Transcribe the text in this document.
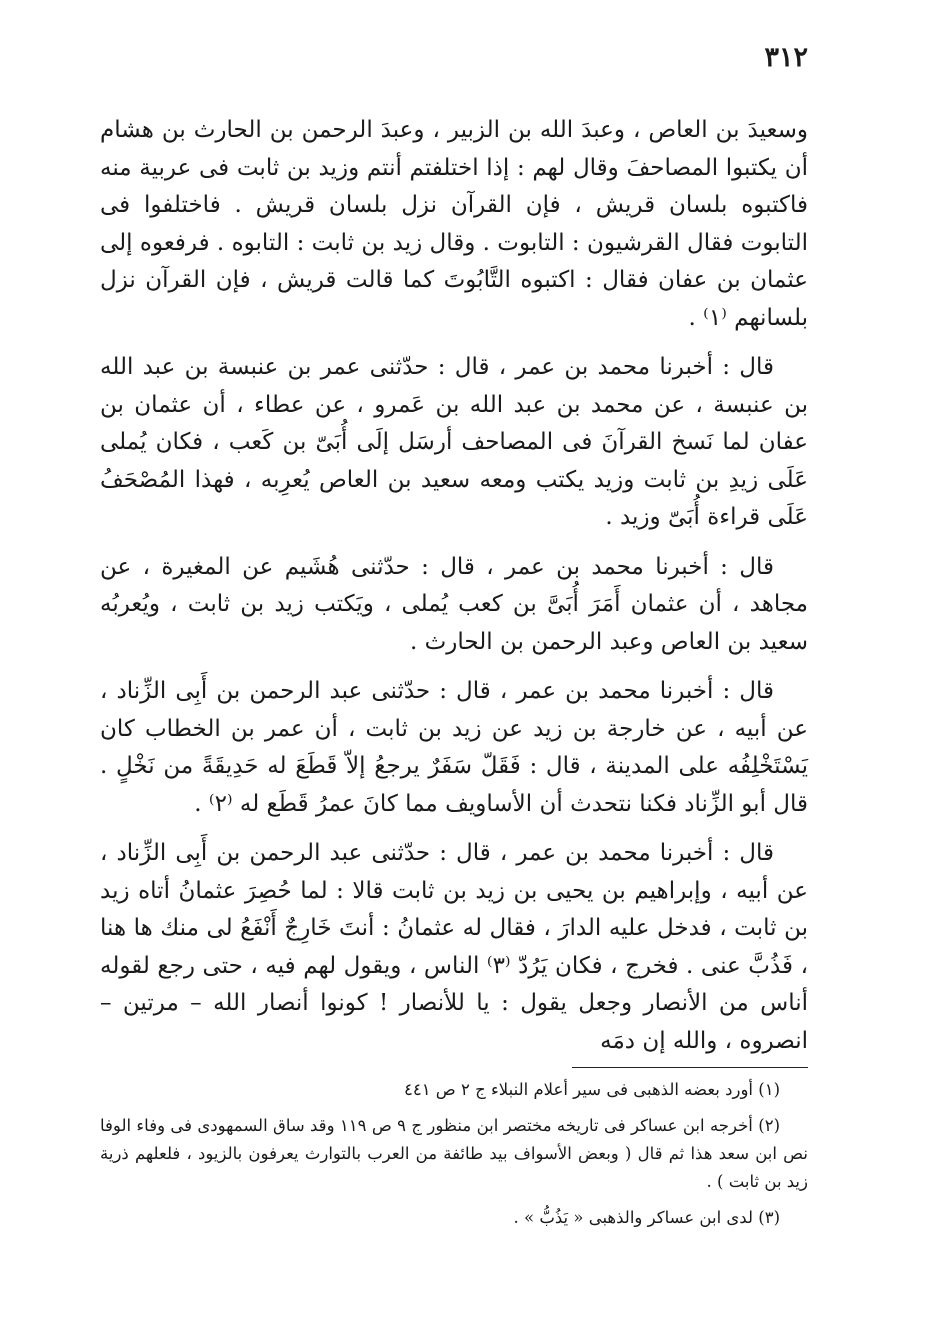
٣١٢

وسعيدَ بن العاص ، وعبدَ الله بن الزبير ، وعبدَ الرحمن بن الحارث بن هشام أن يكتبوا المصاحفَ وقال لهم : إذا اختلفتم أنتم وزيد بن ثابت فى عربية منه فاكتبوه بلسان قريش ، فإن القرآن نزل بلسان قريش . فاختلفوا فى التابوت فقال القرشيون : التابوت . وقال زيد بن ثابت : التابوه . فرفعوه إلى عثمان بن عفان فقال : اكتبوه التَّابُوتَ كما قالت قريش ، فإن القرآن نزل بلسانهم ⁽١⁾ .

قال : أخبرنا محمد بن عمر ، قال : حدّثنى عمر بن عنبسة بن عبد الله بن عنبسة ، عن محمد بن عبد الله بن عَمرو ، عن عطاء ، أن عثمان بن عفان لما نَسخ القرآنَ فى المصاحف أرسَل إلَى أُبَىّ بن كَعب ، فكان يُملى عَلَى زيدِ بن ثابت وزيد يكتب ومعه سعيد بن العاص يُعرِبه ، فهذا المُصْحَفُ عَلَى قراءة أُبَىّ وزيد .

قال : أخبرنا محمد بن عمر ، قال : حدّثنى هُشَيم عن المغيرة ، عن مجاهد ، أن عثمان أَمَرَ أُبَىَّ بن كعب يُملى ، ويَكتب زيد بن ثابت ، ويُعربُه سعيد بن العاص وعبد الرحمن بن الحارث .

قال : أخبرنا محمد بن عمر ، قال : حدّثنى عبد الرحمن بن أَبِى الزِّناد ، عن أبيه ، عن خارجة بن زيد عن زيد بن ثابت ، أن عمر بن الخطاب كان يَسْتَخْلِفُه على المدينة ، قال : فَقَلّ سَفَرٌ يرجعُ إلاّ قَطَعَ له حَدِيقَةً من نَخْلٍ . قال أبو الزِّناد فكنا نتحدث أن الأساويف مما كانَ عمرُ قَطَع له ⁽٢⁾ .

قال : أخبرنا محمد بن عمر ، قال : حدّثنى عبد الرحمن بن أَبِى الزِّناد ، عن أبيه ، وإبراهيم بن يحيى بن زيد بن ثابت قالا : لما حُصِرَ عثمانُ أتاه زيد بن ثابت ، فدخل عليه الدارَ ، فقال له عثمانُ : أنتَ خَارِجٌ أَنْفَعُ لى منك ها هنا ، فَذُبَّ عنى . فخرج ، فكان يَرُدّ ⁽٣⁾ الناس ، ويقول لهم فيه ، حتى رجع لقوله أناس من الأنصار وجعل يقول : يا للأنصار ! كونوا أنصار الله – مرتين – انصروه ، والله إن دمَه

(١) أورد بعضه الذهبى فى سير أعلام النبلاء ج ٢ ص ٤٤١

(٢) أخرجه ابن عساكر فى تاريخه مختصر ابن منظور ج ٩ ص ١١٩ وقد ساق السمهودى فى وفاء الوفا نص ابن سعد هذا ثم قال ( وبعض الأسواف بيد طائفة من العرب بالتوارث يعرفون بالزيود ، فلعلهم ذرية زيد بن ثابت ) .

(٣) لدى ابن عساكر والذهبى « يَذُبُّ » .
